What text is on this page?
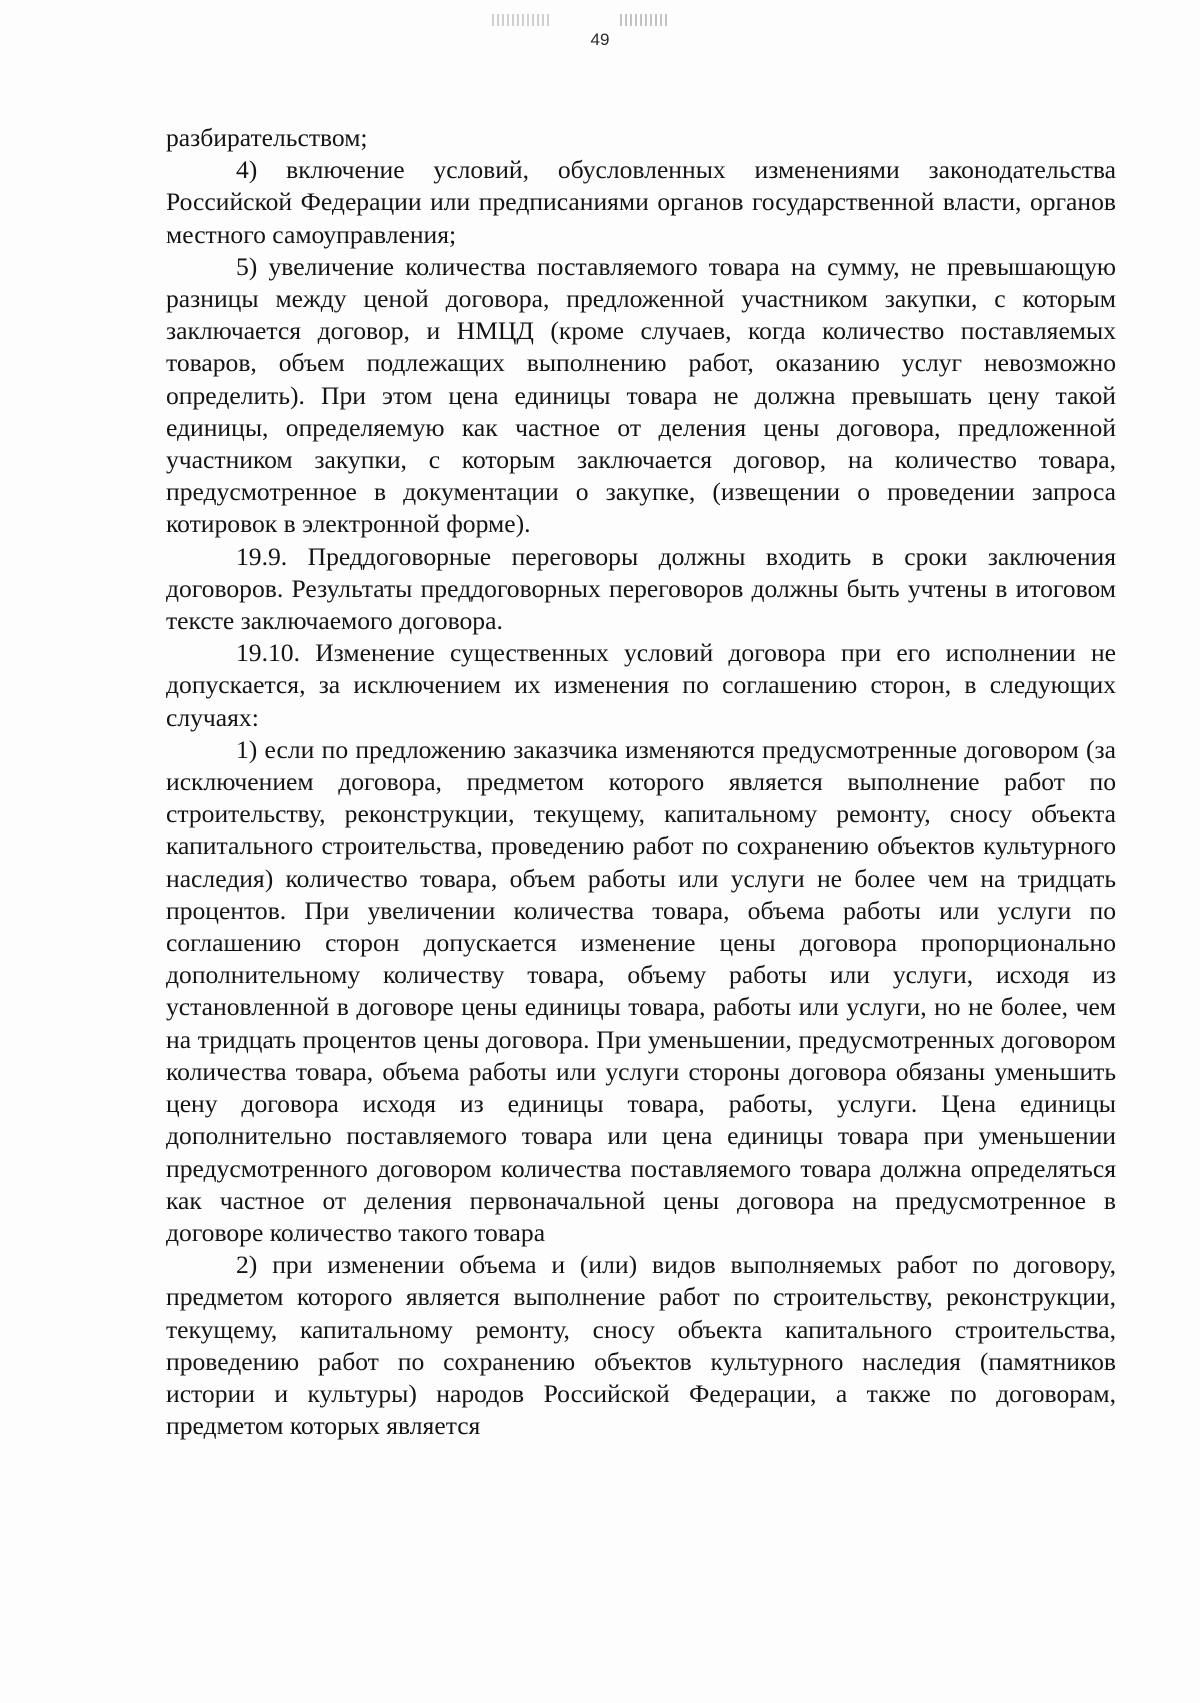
49

разбирательством;

4) включение условий, обусловленных изменениями законодательства Российской Федерации или предписаниями органов государственной власти, органов местного самоуправления;

5) увеличение количества поставляемого товара на сумму, не превышающую разницы между ценой договора, предложенной участником закупки, с которым заключается договор, и НМЦД (кроме случаев, когда количество поставляемых товаров, объем подлежащих выполнению работ, оказанию услуг невозможно определить). При этом цена единицы товара не должна превышать цену такой единицы, определяемую как частное от деления цены договора, предложенной участником закупки, с которым заключается договор, на количество товара, предусмотренное в документации о закупке, (извещении о проведении запроса котировок в электронной форме).

19.9. Преддоговорные переговоры должны входить в сроки заключения договоров. Результаты преддоговорных переговоров должны быть учтены в итоговом тексте заключаемого договора.

19.10. Изменение существенных условий договора при его исполнении не допускается, за исключением их изменения по соглашению сторон, в следующих случаях:

1) если по предложению заказчика изменяются предусмотренные договором (за исключением договора, предметом которого является выполнение работ по строительству, реконструкции, текущему, капитальному ремонту, сносу объекта капитального строительства, проведению работ по сохранению объектов культурного наследия) количество товара, объем работы или услуги не более чем на тридцать процентов. При увеличении количества товара, объема работы или услуги по соглашению сторон допускается изменение цены договора пропорционально дополнительному количеству товара, объему работы или услуги, исходя из установленной в договоре цены единицы товара, работы или услуги, но не более, чем на тридцать процентов цены договора. При уменьшении, предусмотренных договором количества товара, объема работы или услуги стороны договора обязаны уменьшить цену договора исходя из единицы товара, работы, услуги. Цена единицы дополнительно поставляемого товара или цена единицы товара при уменьшении предусмотренного договором количества поставляемого товара должна определяться как частное от деления первоначальной цены договора на предусмотренное в договоре количество такого товара

2) при изменении объема и (или) видов выполняемых работ по договору, предметом которого является выполнение работ по строительству, реконструкции, текущему, капитальному ремонту, сносу объекта капитального строительства, проведению работ по сохранению объектов культурного наследия (памятников истории и культуры) народов Российской Федерации, а также по договорам, предметом которых является
